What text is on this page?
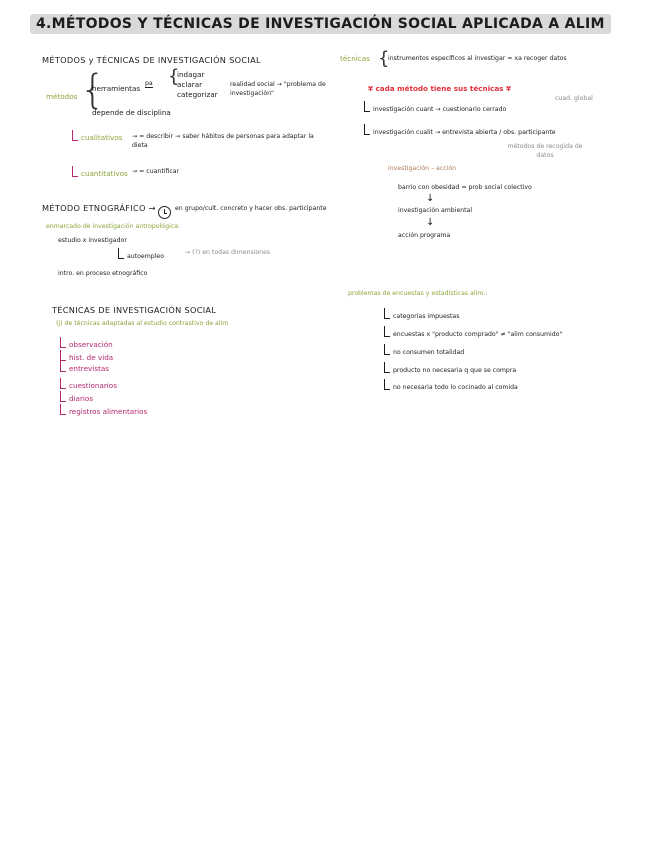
4.MÉTODOS Y TÉCNICAS DE INVESTIGACIÓN SOCIAL APLICADA A ALIM
MÉTODOS y TÉCNICAS DE INVESTIGACIÓN SOCIAL
métodos {
herramientas
pa {
indagar
aclarar
categorizar
realidad social → "problema de investigación"
depende de disciplina
cualitativos → = describir → saber hábitos de personas para adaptar la dieta
cuantitativos → = cuantificar
MÉTODO ETNOGRÁFICO →	en grupo/cult. concreto y hacer obs. participante
enmarcado de investigación antropológica:
estudio x investigador
autoempleo
→ (?) en todas dimensiones
intro. en proceso etnográfico
TÉCNICAS DE INVESTIGACIÓN SOCIAL
(j) de técnicas adaptadas al estudio contrastivo de alim
observación
hist. de vida
entrevistas
cuestionarios
diarios
registros alimentarios
técnicas {
instrumentos específicos al investigar = xa recoger datos
¥ cada método tiene sus técnicas ¥
investigación cuant → cuestionario cerrado
cuad. global
investigación cualit → entrevista abierta / obs. participante
métodos de recogida de datos
investigación – acción
barrio con obesidad = prob social colectivo
↓
investigación ambiental
↓
acción programa
problemas de encuestas y estadísticas alim.:
categorías impuestas
encuestas x "producto comprado" ≠ "alim consumido"
no consumen totalidad
producto no necesaria q que se compra
no necesaria todo lo cocinado al comida
